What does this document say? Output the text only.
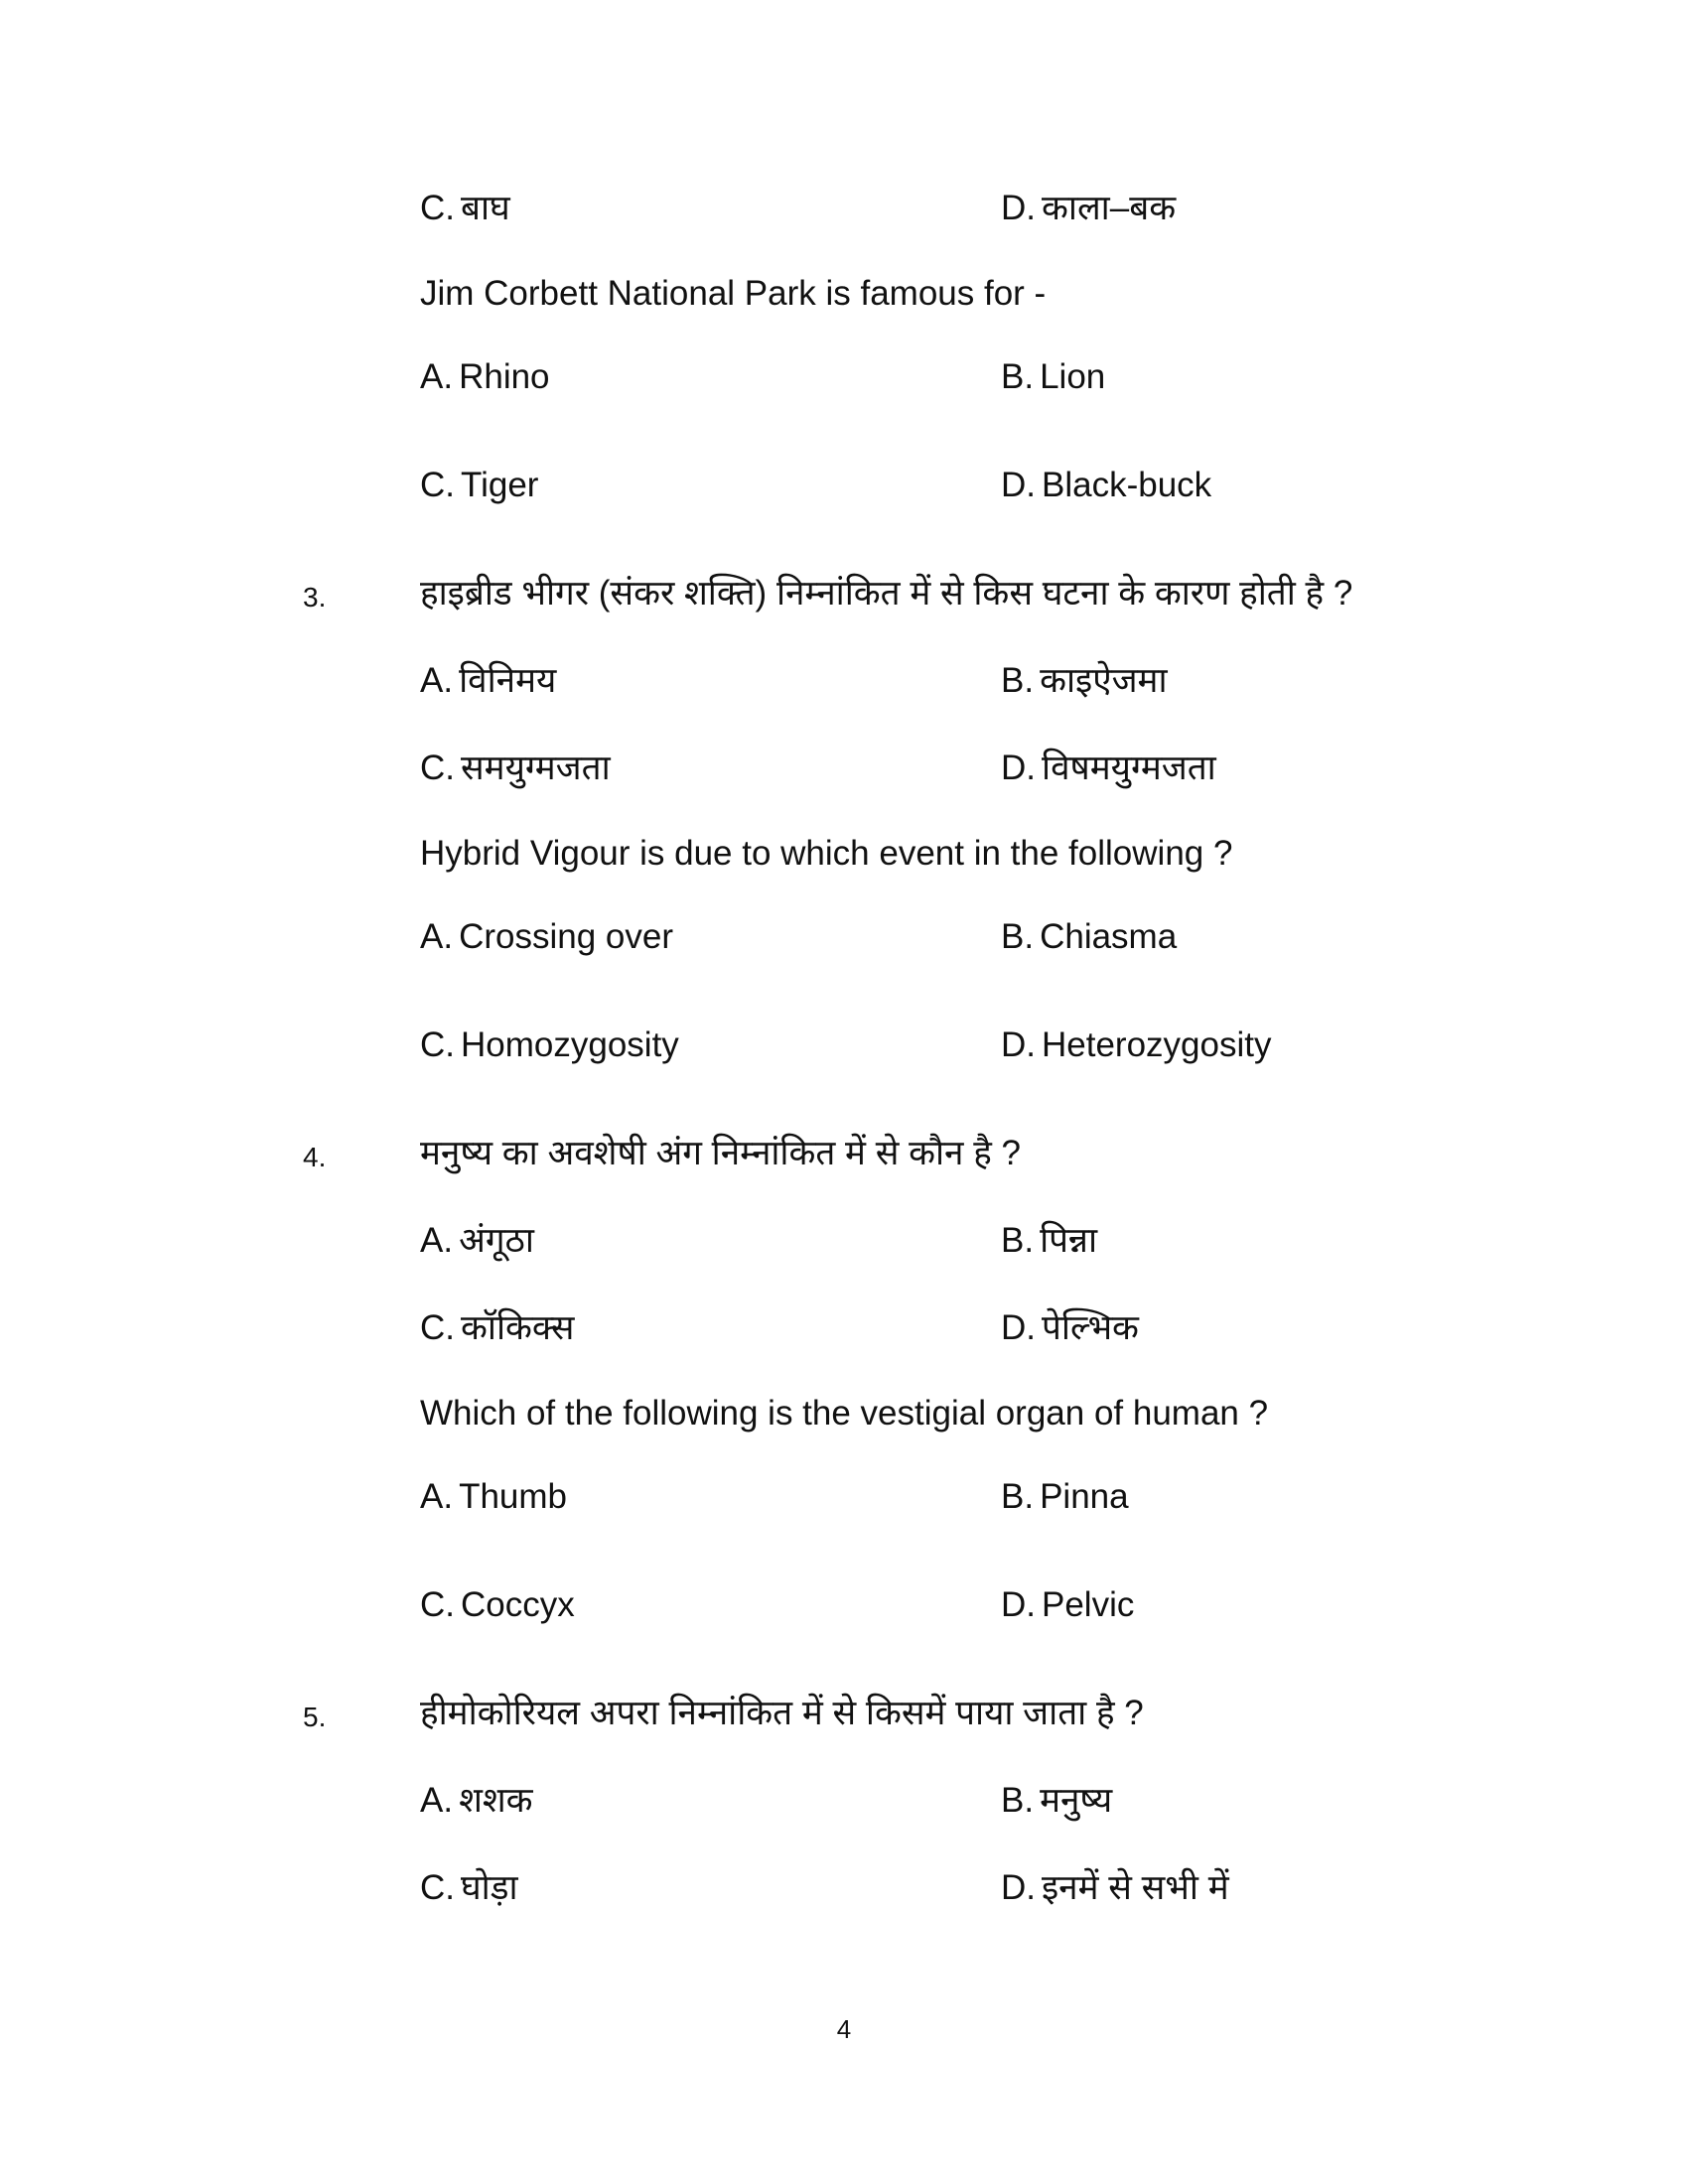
C. बाघ	D. काला–बक
Jim Corbett National Park is famous for -
A. Rhino	B. Lion
C. Tiger	D. Black-buck
3.	हाइब्रीड भीगर (संकर शक्ति) निम्नांकित में से किस घटना के कारण होती है ?
A. विनिमय	B. काइऐजमा
C. समयुग्मजता	D. विषमयुग्मजता
Hybrid Vigour is due to which event in the following ?
A. Crossing over	B. Chiasma
C. Homozygosity	D. Heterozygosity
4.	मनुष्य का अवशेषी अंग निम्नांकित में से कौन है ?
A. अंगूठा	B. पिन्ना
C. कॉकिक्स	D. पेल्भिक
Which of the following is the vestigial organ of human ?
A. Thumb	B. Pinna
C. Coccyx	D. Pelvic
5.	हीमोकोरियल अपरा निम्नांकित में से किसमें पाया जाता है ?
A. शशक	B. मनुष्य
C. घोड़ा	D. इनमें से सभी में
4
